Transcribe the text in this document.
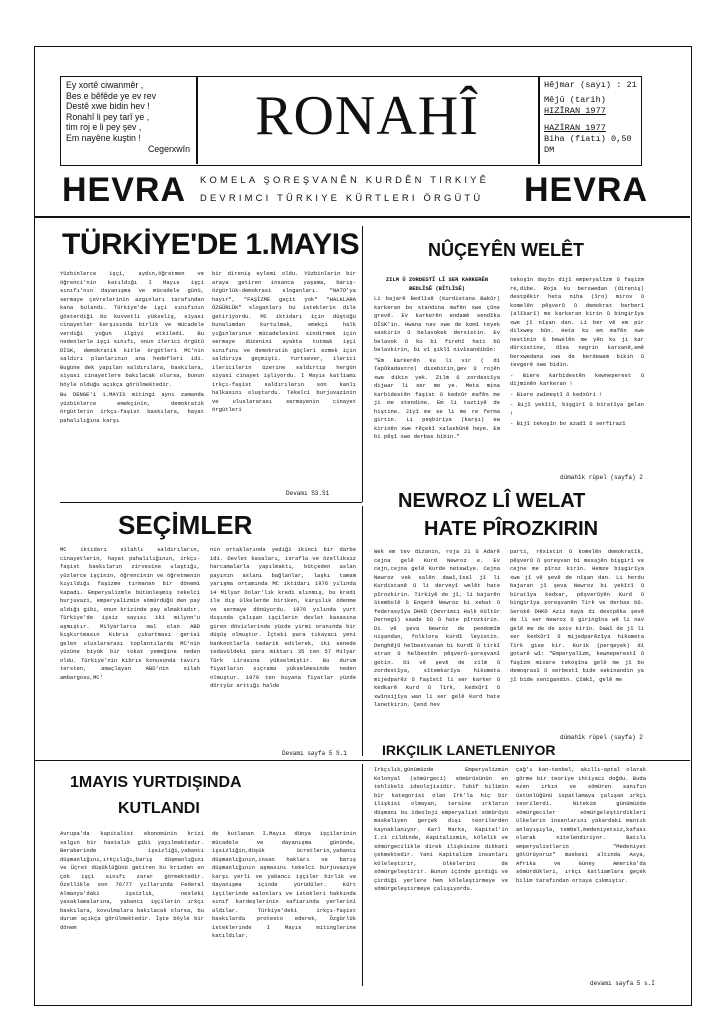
Ey xortê ciwanmêr ,
Bes e bêfêde ye ev rev
Destê xwe bidin hev !
Ronahî li pey tarî ye ,
tim roj e li pey şev ,
Em nayêne kuştin !
Cegerxwîn
RONAHÎ	Hêjmar (sayı) : 21
Mêjû (tarih)
HIZÎRAN 1977
HAZİRAN 1977
Biha (fiatı) 0,50 DM
HEVRA KOMELA ŞOREŞVANÊN KURDÊN TIRKIYÊ
DEVRIMCI TÜRKIYE KÜRTLERI ÖRGÜTÜ HEVRA
TÜRKİYE'DE 1.MAYIS

Yüzbinlerce işçi, aydın,öğretmen ve öğrenci'nin katıldığı I Mayıs işçi sınıfı'nın dayanışma ve mücadele günü, sermaye çevrelerinin azgınları tarafından kana bulandı. Türkiye'de işçi sınıfının gösterdiği bu kuvvetli yükseliş, siyasi cinayetler karşısında birlik ve mücadele verdiği yoğun ilgiyi etkiledi. Bu nedenlerle işçi sınıfı, onun ilerici örgütü DİSK, demokratik kitle örgütleri MC'nin saldırı planlarının ana hedefleri idi. Bugüne dek yapılan saldırılara, baskılara, siyasi cinayetlere bakılacak olursa, bunun böyle olduğu açıkça görülmektedir.

Bu DENGE'i 1.MAYIS mitingi aynı zamanda yüzbinlerce emekçinin, demokratik örgütlerin irkçı-faşist baskılara, hayat pahalılığına karşı

bir direniş eylemi oldu. Yüzbinlerin bir araya getiren insanca yaşama, barış-özgürlük-demokrasi sloganları. "NATO'ya hayır", "FAŞİZME geçit yok" "HALKLARA ÖZGÜRLÜK" sloganları bu isteklerin dile getiriyordu. MC iktidarı için düştüğü bunalımdan kurtulmak, emekçi halk yığınlarının mücadelesini sindirmek için sermaye düzenini ayakta tutmak işçi sınıfını ve demokratik güçleri ezmek için saldırıya geçmişti. Yurtsever, ilerici ilericilerin üzerine saldırtıp hergün siyasi cinayet işliyordu. I Mayıs katliamı irkçı-faşist saldırıların son kanlı halkasını oluşturdu. Tekelci burjuvazinin ve uluslararası sermayenin cinayet örgütleri

Devamı S3.S1
NÛÇEYÊN WELÊT

ZILM Û ZORDESTÎ LÎ SER KARKERÊN BEDLÎSÊ (BÎTLÎSÊ)

Li bajarê Bedlîsê (Kurdistana Bakûr) karkeran bo standina mafên xwe çûne grevê. Ev karkerên endamê sendîka DÎSK'in. Hwana nav xwe de komî teyek saskirin û belavokek derxistin. Ev belavok û ku bi firehî hati bû belavkirin, bi vî şiklî nivîsandibûn:

"Em karkerên ku li vir ( di Tapûkadastro) dixebitin,gev û rojên xwe dikin yek. Zilm û zordestîya dijwar li ser me ye. Meta mina karbidestên faşist û kedxûr mafên me ji me stendine. Em li taztiyê de hiştine. Jiyî me se li me re ferma girtin. Li peşbiriya (karşı) ew kirinên xwe rêçekî xalasbûnê heye. Em bi pêşî xwe derbas bibin."

tekoşîn dayîn dijî emperyalîzm û faşizm re,dibe. Roja ku berxwedan (direniş) destpêkir heta niha (îro) mirov û komelên pêşverû û demokrat berberî (alîkarî) me karkeran kirin û bingirîya xwe jî nîşan dan. Li ber vê em pir dilxweş bûn. Heta ku em mafên xwe nestînin û bewelên me yên ku ji kar dûrxistine, dîsa negrin karxanê,emê berxwedana xwe de berdewam bikin û tevgerê xwe bidin.

- Biere karbidestên kewneperest û dijminên karkeran !

- Biere zwîmeştî û kedxûri !

- Bijî yekîtî, bişgirî û biratîya gelan !

- Bijî tekoşîn bo azadî û serfirazî

dûmahîk rûpel (sayfa) 2
NEWROZ LÎ WELAT
HATE PÎROZKIRIN

Wek em tev dizanin, roja 21 û Adarê cejna gelê Kurd Newroz e. Ev cejn,cejna gelê Kurde netewîye. Cejna Newroz vek salên dawî,îsal jî li Kurdistanê û li derveyî welêt hate pîrozkirin. Tirkiyê de jî, li bajarên Stembolê û Enqerê Newroz bi xebat û federasyîya DHKD (Devrimci Halk Kültür Dernegi) saade bû û hate pîrozkirin. Di vê şeva Newroz de pendomîm nişandan, folklora kurdî leyistin. Denghêjû helbestvanan bi kurdî û tirkî stran û helbestên pêşverû-şoreşvanî gotin. Di vê şevê de zilm û zordestîya, sîtemkarîya hikumeta mijedparêz û faşîstî li ser karker û kedkarê Kurd û Tirk, kedxûrî û xwînxijîya wan li ser gelê Kurd hate lanetkirin. Çend hev

parti, rêxistin û komelên demokratîk, pêşverû û şoreşvan bi mesajên bişgirî ve cejne me pîroz kirin. Hemze bişgirîya xwe jî vê şevê de nîşan dan. Li herdu bajaran jî şeva Newroz bi yekîtî û biratîya kedxar, pêşverûyên Kurd û bingirîya şoreşvanên Tirk ve derbas bû. Serokê DHKD Aziz Kaya di destpêka şevê de li ser Newroz û giringîna wê li nav gelê me de de axiv kirin. Dawî de jî li ser kedxûrî û mijedparêzîya hikumeta Tirk gise kir. Kurik (perqeyek) di gotarê wî: "Emperyalîzm, kewneperestî û faşîzm mixare tekoşîna gelê me jî bo demoqrasî û serbestî bide sekinandin ya jî bide xenigandin. Çîmkî, gelê me

dûmahîk rûpel (sayfa) 2
SEÇİMLER

MC iktidarı silahlı saldırıların, cinayetlerin, hayat pahalılığının, irkçı-faşist baskıların zirvesine ulaştığı, yüzlerce işçinin, öğrencinin ve öğretmenin kıyıldığı faşizme tırmanan bir dönemi kapadı. Emperyalizmle bütünleşmiş tekelci burjuvazi, emperyalizmin sömürdüğü den pay aldığı gibi, onun krizinde pay almaktadır. Türkiye'de işsiz sayısı iki milyon'u aşmıştır. Milyarlarca mal olan ABD kışkırtmasın Kıbrıs çıkartması gerisi gelen uluslararası toplantılarda MC'nin yüzüne biyük bir tokat yemeğine neden oldu. Türkiye'nin Kıbrıs konusunda tavırı tersten, amaçlayan ABD'nin silah ambargosu,MC'

nin ortaklarında yediği ikinci bir darbe idi. Devlet kasaları, israfla ve özelliksiz harcamalarla yapılmaktı, bütçeden aslan payının aslanı bağlanlar, laşkı tamam yarışma ortamında MC iktidarı 1976 yılında 14 Milyar Dolar'lık kredi alınmış, bu kredi ile dış ülkelerde biriken, karşılık ödenme ve sermaye dönüyordu. 1976 yılında yurt dışında çalışan işçilerin devlet kasasına giren dövizlerinde yüzde yirmi oranında bir düşüş olmuştur. İçteki para tıkayacı yeni banknotlarla tedarik edilerek, iki senede tedavüldeki para miktarı 35 ten 57 Milyar Türk Lirasına yükselmiştir. Bu durum fiyatların sıçrama yükselmesinde neden olmuştur. 1970 ten buyana fiyatlar yüzde dörtyüz arttığı halde

Devamı sayfa 5 S.1	IRKÇILIK LANETLENIYOR

Irkçılık,günümüzde Emperyalizmin Kolonyal (sömürgeci) sömürüsünün en tehlikeli ideolojisidir. Tubif bilimin bir kategorisi olan Irk'la hiç bir ilişkisi olmayan, tersine ırkların düşmanı bu ideoloji emperyalist sömürüyü maskeliyen gerçek dışı teorilerden kaynaklanıyor. Karl Marks, Kapital'in I.ci cildinde, Kapitalizmin, kölelik ve sömürgecilikle direk ilişkisine dikkati çekmektedir. Yani Kapitalizm insanları köleleştirir, ülkelerini de sömürgeleştirir. Bunun içinde girdiği ve çirdiği yerlere hem köleleştirmeye ve sömürgeleştirmeye çalışıyordu.

çağ'ı kan-tenbel, akıllı-aptal olarak görme bir teoriye ihtiyacı doğdu. Buda ezen ırkın ve sömüren sanıfın üstünlüğünü ispatlamaya çalışan ırkçı teorilerdi. Nitekim günümüzde sömürgeciler sömürgeleştirdikleri ülkelerin insanlarını yakardaki mantık anlayışıyla, tembel,medeniyetsiz,kafası olarak nitelendiriyor. Batılı emperyalistlerin "Medeniyet götürüyoruz" maskesi altında Asya, Afrika ve Güney Amerika'da sömürdükleri, ırkçı katliamlara geçek bilim tarafından ortaya çıkmıştır.

devamı sayfa 5 s.I
1MAYIS YURTDIŞINDA
KUTLANDI

Avrupa'da kapitalist ekonominin krizi salgın bir hastalık gibi yayılmaktadır. Beraberinde işsizliği,yabancı düşmanlığını,ırkçılığı,barış düşmanlığını ve Üçret düşüklüğünü getiren bu krizden en çok işçi sınıfı zarar görmektedir. Özellikle son 76/77 yıllarında Federal Almanya'daki işsizlik, nesleki yasaklamalarına, yabancı işçilerin ırkçı baskılara, kovulmalara bakılacak olursa, bu durum açıkça görülmektedir. İşte böyle bir dönem

de kutlanan I.Mayıs dünya işçilerinin mücadele ve dayanışma gününde, işsizliğin,düşük ücretlerin,yabancı düşmanlığının,insan hakları ve barış düşmanlığının aşmasını tekelci burjuvaziye karşı yerli ve yabancı işçiler birlik ve dayanışma içinde yürüdüler. Kürt işçilerinde salonları ve istekleri hakkında sınıf kardeşlerinin safiarında yerlerini aldılar. Türkiye'deki irkçı-faşist baskılarda protesto ederek, Özgürlük isteklerinde I Mayıs mitinglerine katıldılar.
